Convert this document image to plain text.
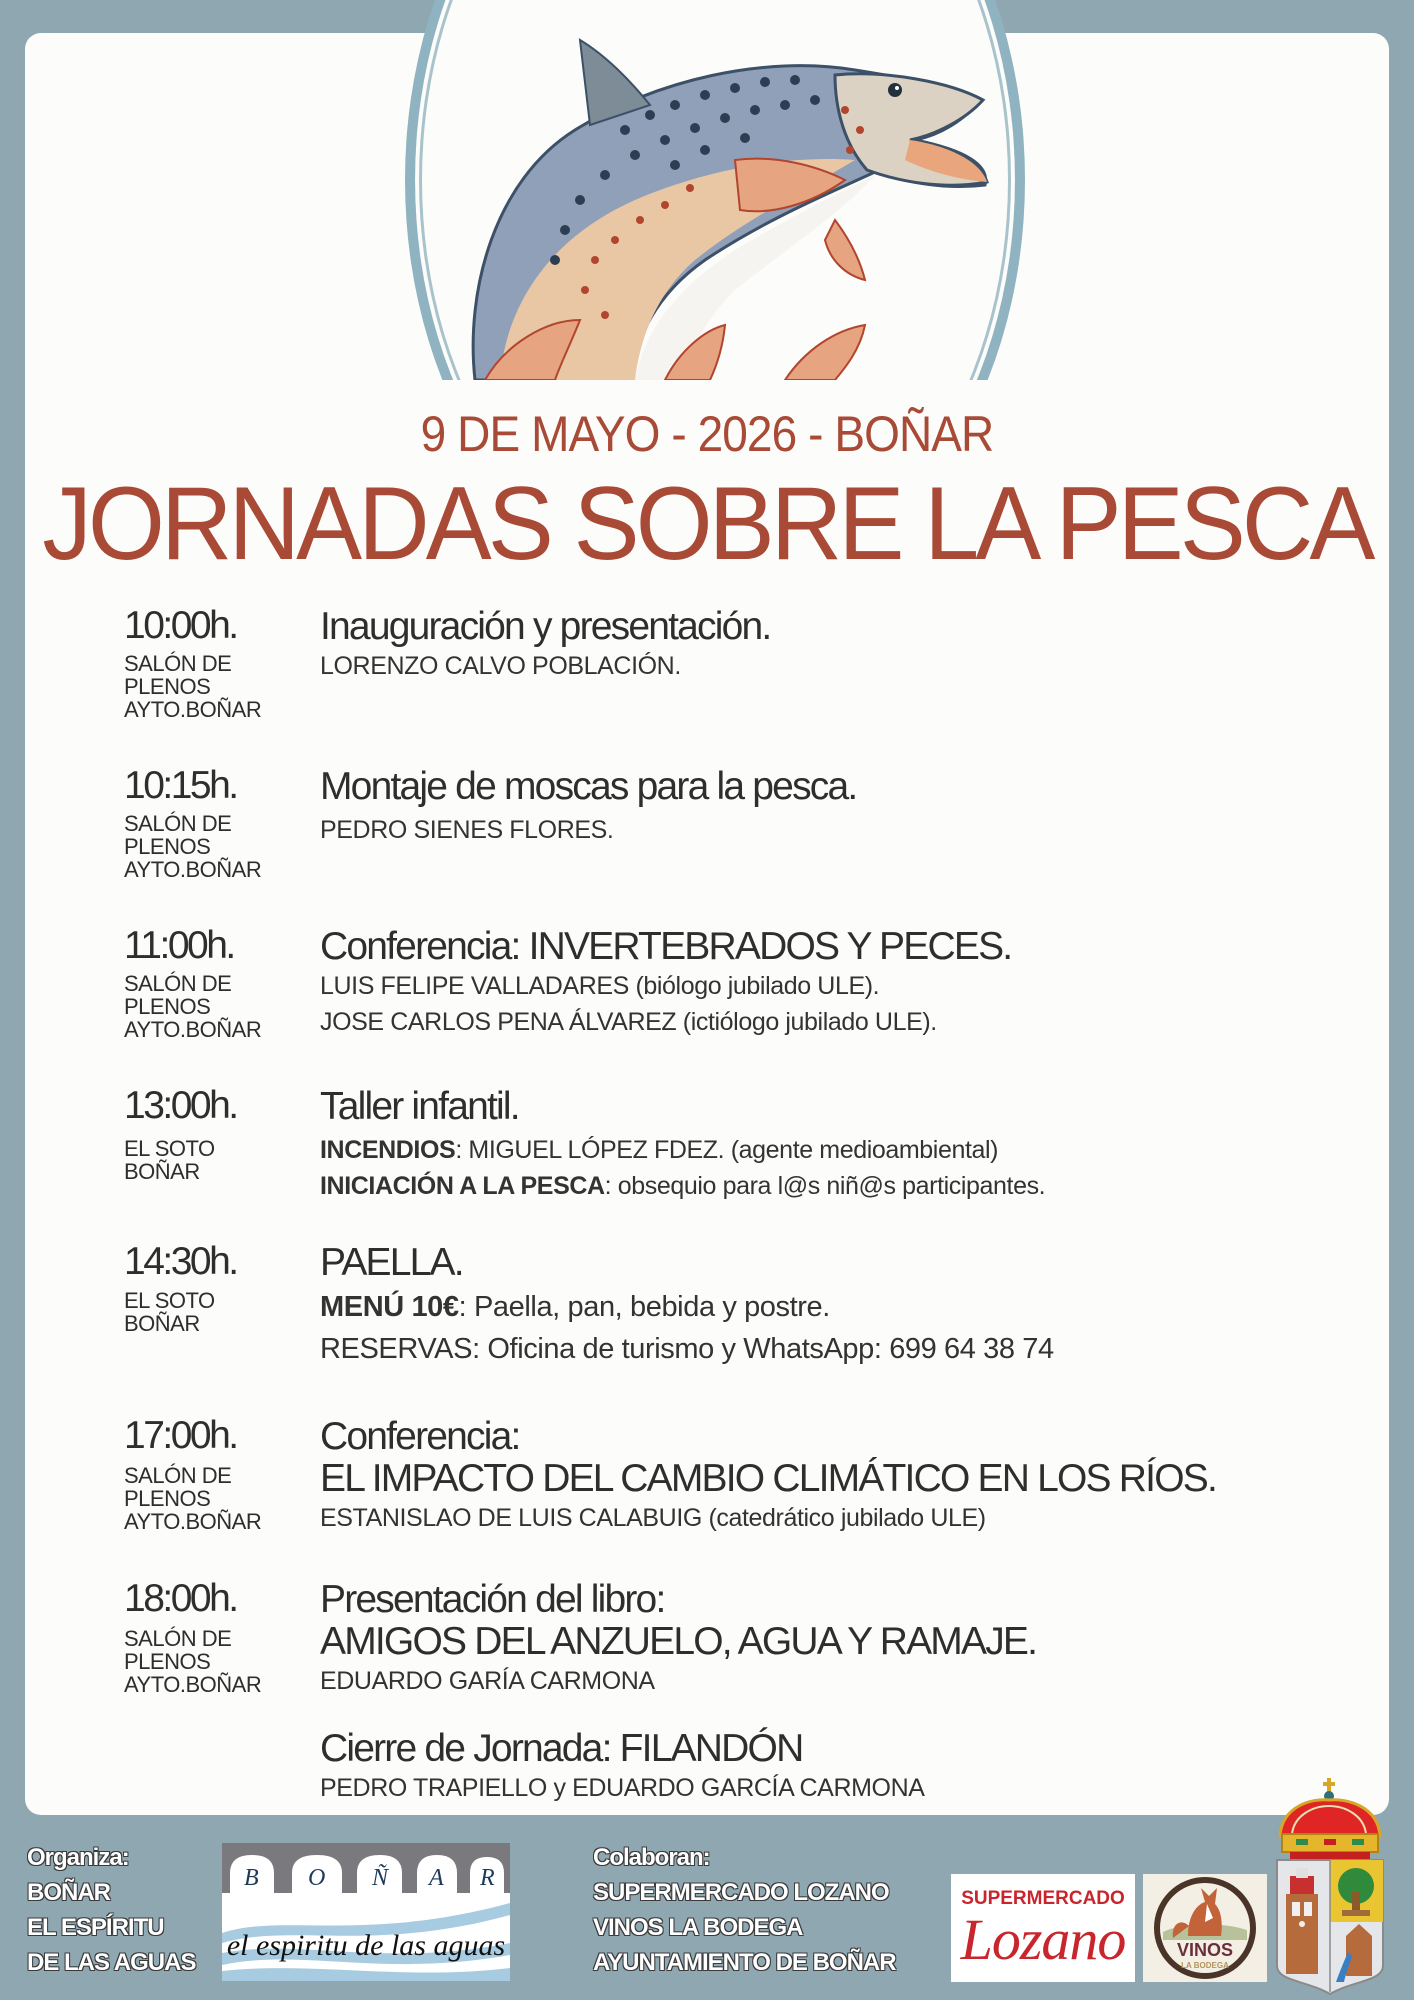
9 DE MAYO - 2026 - BOÑAR
JORNADAS SOBRE LA PESCA
10:00h.
SALÓN DE
PLENOS
AYTO.BOÑAR
Inauguración y presentación.
LORENZO CALVO POBLACIÓN.
10:15h.
SALÓN DE
PLENOS
AYTO.BOÑAR
Montaje de moscas para la pesca.
PEDRO SIENES FLORES.
11:00h.
SALÓN DE
PLENOS
AYTO.BOÑAR
Conferencia: INVERTEBRADOS Y PECES.
LUIS FELIPE VALLADARES (biólogo jubilado ULE).
JOSE CARLOS PENA ÁLVAREZ (ictiólogo jubilado ULE).
13:00h.
EL SOTO
BOÑAR
Taller infantil.
INCENDIOS: MIGUEL LÓPEZ FDEZ. (agente medioambiental)
INICIACIÓN A LA PESCA: obsequio para l@s niñ@s participantes.
14:30h.
EL SOTO
BOÑAR
PAELLA.
MENÚ 10€: Paella, pan, bebida y postre.
RESERVAS: Oficina de turismo y WhatsApp: 699 64 38 74
17:00h.
SALÓN DE
PLENOS
AYTO.BOÑAR
Conferencia:
EL IMPACTO DEL CAMBIO CLIMÁTICO EN LOS RÍOS.
ESTANISLAO DE LUIS CALABUIG (catedrático jubilado ULE)
18:00h.
SALÓN DE
PLENOS
AYTO.BOÑAR
Presentación del libro:
AMIGOS DEL ANZUELO, AGUA Y RAMAJE.
EDUARDO GARÍA CARMONA
Cierre de Jornada: FILANDÓN
PEDRO TRAPIELLO y EDUARDO GARCÍA CARMONA
Organiza:
BOÑAR
EL ESPÍRITU
DE LAS AGUAS
B O Ñ A R
el espiritu de las aguas
Colaboran:
SUPERMERCADO LOZANO
VINOS LA BODEGA
AYUNTAMIENTO DE BOÑAR
SUPERMERCADO
Lozano	VINOS
LA BODEGA
